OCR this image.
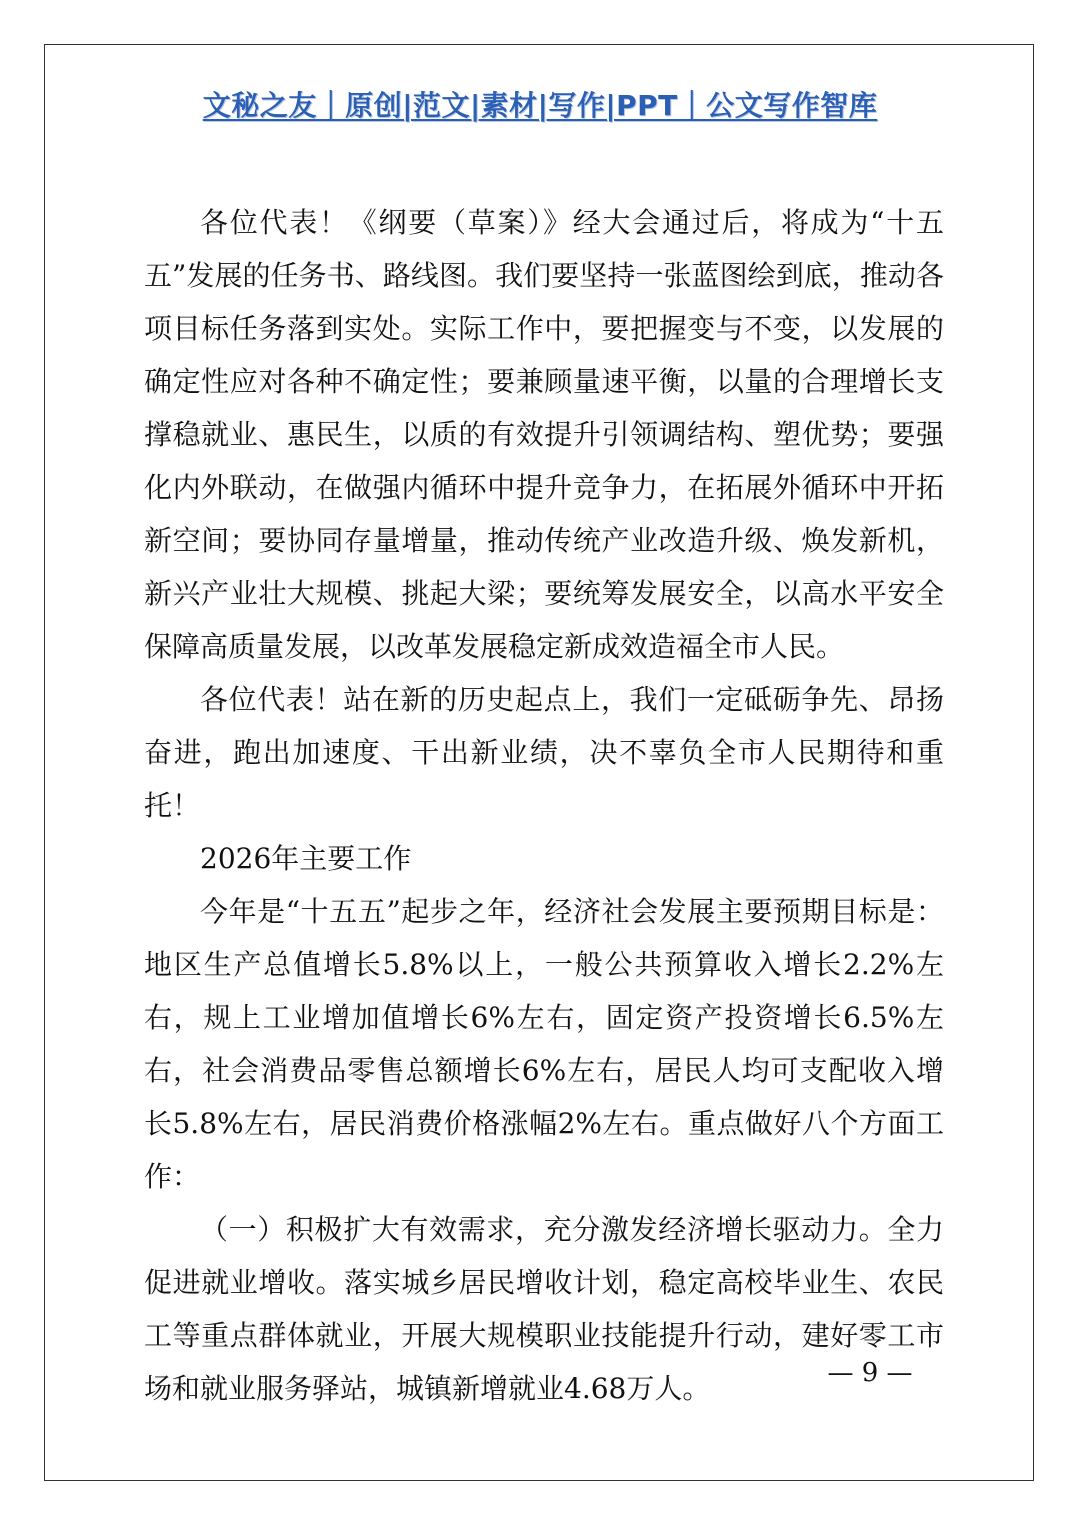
文秘之友｜原创|范文|素材|写作|PPT｜公文写作智库

各位代表！《纲要（草案）》经大会通过后，将成为“十五五”发展的任务书、路线图。我们要坚持一张蓝图绘到底，推动各项目标任务落到实处。实际工作中，要把握变与不变，以发展的确定性应对各种不确定性；要兼顾量速平衡，以量的合理增长支撑稳就业、惠民生，以质的有效提升引领调结构、塑优势；要强化内外联动，在做强内循环中提升竞争力，在拓展外循环中开拓新空间；要协同存量增量，推动传统产业改造升级、焕发新机，新兴产业壮大规模、挑起大梁；要统筹发展安全，以高水平安全保障高质量发展，以改革发展稳定新成效造福全市人民。

各位代表！站在新的历史起点上，我们一定砥砺争先、昂扬奋进，跑出加速度、干出新业绩，决不辜负全市人民期待和重托！

2026年主要工作

今年是“十五五”起步之年，经济社会发展主要预期目标是：地区生产总值增长5.8%以上，一般公共预算收入增长2.2%左右，规上工业增加值增长6%左右，固定资产投资增长6.5%左右，社会消费品零售总额增长6%左右，居民人均可支配收入增长5.8%左右，居民消费价格涨幅2%左右。重点做好八个方面工作：

（一）积极扩大有效需求，充分激发经济增长驱动力。全力促进就业增收。落实城乡居民增收计划，稳定高校毕业生、农民工等重点群体就业，开展大规模职业技能提升行动，建好零工市场和就业服务驿站，城镇新增就业4.68万人。	— 9 —
